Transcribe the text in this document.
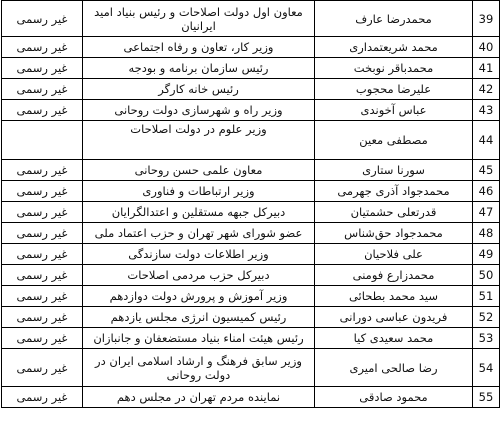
39	محمدرضا عارف	معاون اول دولت اصلاحات و رئیس بنیاد امید ایرانیان	غیر رسمی
40	محمد شریعتمداری	وزیر کار، تعاون و رفاه اجتماعی	غیر رسمی
41	محمدباقر نوبخت	رئیس سازمان برنامه و بودجه	غیر رسمی
42	علیرضا محجوب	رئیس خانه کارگر	غیر رسمی
43	عباس آخوندی	وزیر راه و شهرسازی دولت روحانی	غیر رسمی
44	مصطفی معین	وزیر علوم در دولت اصلاحات	
45	سورنا ستاری	معاون علمی حسن روحانی	غیر رسمی
46	محمدجواد آذری جهرمی	وزیر ارتباطات و فناوری	غیر رسمی
47	قدرتعلی حشمتیان	دبیرکل جبهه مستقلین و اعتدالگرایان	غیر رسمی
48	محمدجواد حق‌شناس	عضو شورای شهر تهران و حزب اعتماد ملی	غیر رسمی
49	علی فلاحیان	وزیر اطلاعات دولت سازندگی	غیر رسمی
50	محمدزارع فومنی	دبیرکل حزب مردمی اصلاحات	غیر رسمی
51	سید محمد بطحائی	وزیر آموزش و پرورش دولت دوازدهم	غیر رسمی
52	فریدون عباسی دورانی	رئیس کمیسیون انرژی مجلس یازدهم	غیر رسمی
53	محمد سعیدی کیا	رئیس هیئت امناء بنیاد مستضعفان و جانبازان	غیر رسمی
54	رضا صالحی امیری	وزیر سابق فرهنگ و ارشاد اسلامی ایران در دولت روحانی	غیر رسمی
55	محمود صادقی	نماینده مردم تهران در مجلس دهم	غیر رسمی
